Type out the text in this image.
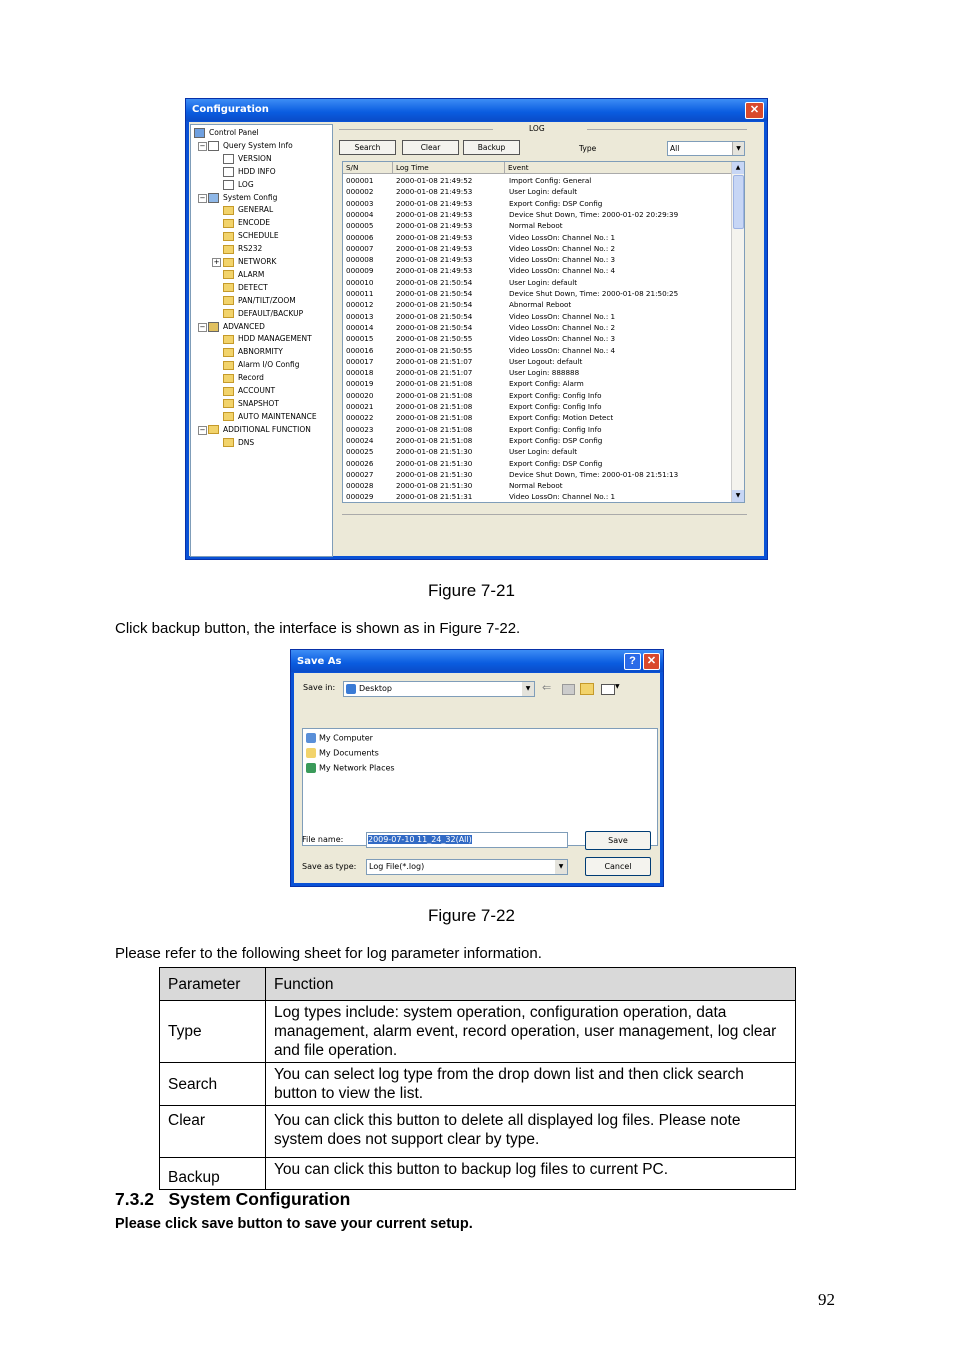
Configuration	✕
Control Panel
− Query System Info
VERSION
HDD INFO
LOG
− System Config
GENERAL
ENCODE
SCHEDULE
RS232
+ NETWORK
ALARM
DETECT
PAN/TILT/ZOOM
DEFAULT/BACKUP
− ADVANCED
HDD MANAGEMENT
ABNORMITY
Alarm I/O Config
Record
ACCOUNT
SNAPSHOT
AUTO MAINTENANCE
− ADDITIONAL FUNCTION
DNS
LOG
Search	Clear	Backup	Type	All	▼
S/N	Log Time	Event
000001	2000-01-08 21:49:52	Import Config: General
000002	2000-01-08 21:49:53	User Login: default
000003	2000-01-08 21:49:53	Export Config: DSP Config
000004	2000-01-08 21:49:53	Device Shut Down, Time: 2000-01-02 20:29:39
000005	2000-01-08 21:49:53	Normal Reboot
000006	2000-01-08 21:49:53	Video LossOn: Channel No.: 1
000007	2000-01-08 21:49:53	Video LossOn: Channel No.: 2
000008	2000-01-08 21:49:53	Video LossOn: Channel No.: 3
000009	2000-01-08 21:49:53	Video LossOn: Channel No.: 4
000010	2000-01-08 21:50:54	User Login: default
000011	2000-01-08 21:50:54	Device Shut Down, Time: 2000-01-08 21:50:25
000012	2000-01-08 21:50:54	Abnormal Reboot
000013	2000-01-08 21:50:54	Video LossOn: Channel No.: 1
000014	2000-01-08 21:50:54	Video LossOn: Channel No.: 2
000015	2000-01-08 21:50:55	Video LossOn: Channel No.: 3
000016	2000-01-08 21:50:55	Video LossOn: Channel No.: 4
000017	2000-01-08 21:51:07	User Logout: default
000018	2000-01-08 21:51:07	User Login: 888888
000019	2000-01-08 21:51:08	Export Config: Alarm
000020	2000-01-08 21:51:08	Export Config: Config Info
000021	2000-01-08 21:51:08	Export Config: Config Info
000022	2000-01-08 21:51:08	Export Config: Motion Detect
000023	2000-01-08 21:51:08	Export Config: Config Info
000024	2000-01-08 21:51:08	Export Config: DSP Config
000025	2000-01-08 21:51:30	User Login: default
000026	2000-01-08 21:51:30	Export Config: DSP Config
000027	2000-01-08 21:51:30	Device Shut Down, Time: 2000-01-08 21:51:13
000028	2000-01-08 21:51:30	Normal Reboot
000029	2000-01-08 21:51:31	Video LossOn: Channel No.: 1
▲
▼
Figure 7-21
Click backup button, the interface is shown as in Figure 7-22.
Save As	?	✕
Save in:	Desktop	▼	⇐	▼
My Computer
My Documents
My Network Places
File name:	2009-07-10 11_24_32(All)
Save as type:	Log File(*.log)	▼
Save
Cancel
Figure 7-22
Please refer to the following sheet for log parameter information.
Parameter	Function
Type	Log types include: system operation, configuration operation, data management, alarm event, record operation, user management, log clear and file operation.
Search	You can select log type from the drop down list and then click search button to view the list.
Clear	You can click this button to delete all displayed log files. Please note system does not support clear by type.
Backup	You can click this button to backup log files to current PC.
7.3.2   System Configuration
Please click save button to save your current setup.
92
